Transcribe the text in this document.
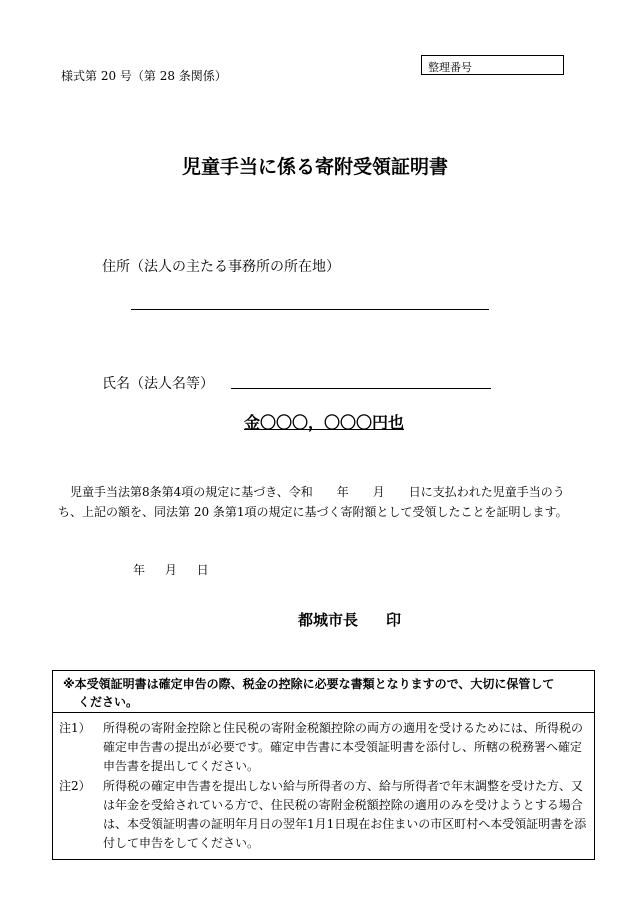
様式第 20 号（第 28 条関係）
整理番号
児童手当に係る寄附受領証明書
住所（法人の主たる事務所の所在地）
氏名（法人名等）
金〇〇〇，〇〇〇円也
　児童手当法第8条第4項の規定に基づき、令和　　年　　月　　日に支払われた児童手当のうち、上記の額を、同法第 20 条第1項の規定に基づく寄附額として受領したことを証明します。
年 月 日
都城市長 印
※本受領証明書は確定申告の際、税金の控除に必要な書類となりますので、大切に保管して
ください。
注1） 所得税の寄附金控除と住民税の寄附金税額控除の両方の適用を受けるためには、所得税の確定申告書の提出が必要です。確定申告書に本受領証明書を添付し、所轄の税務署へ確定申告書を提出してください。
注2） 所得税の確定申告書を提出しない給与所得者の方、給与所得者で年末調整を受けた方、又は年金を受給されている方で、住民税の寄附金税額控除の適用のみを受けようとする場合は、本受領証明書の証明年月日の翌年1月1日現在お住まいの市区町村へ本受領証明書を添付して申告をしてください。
